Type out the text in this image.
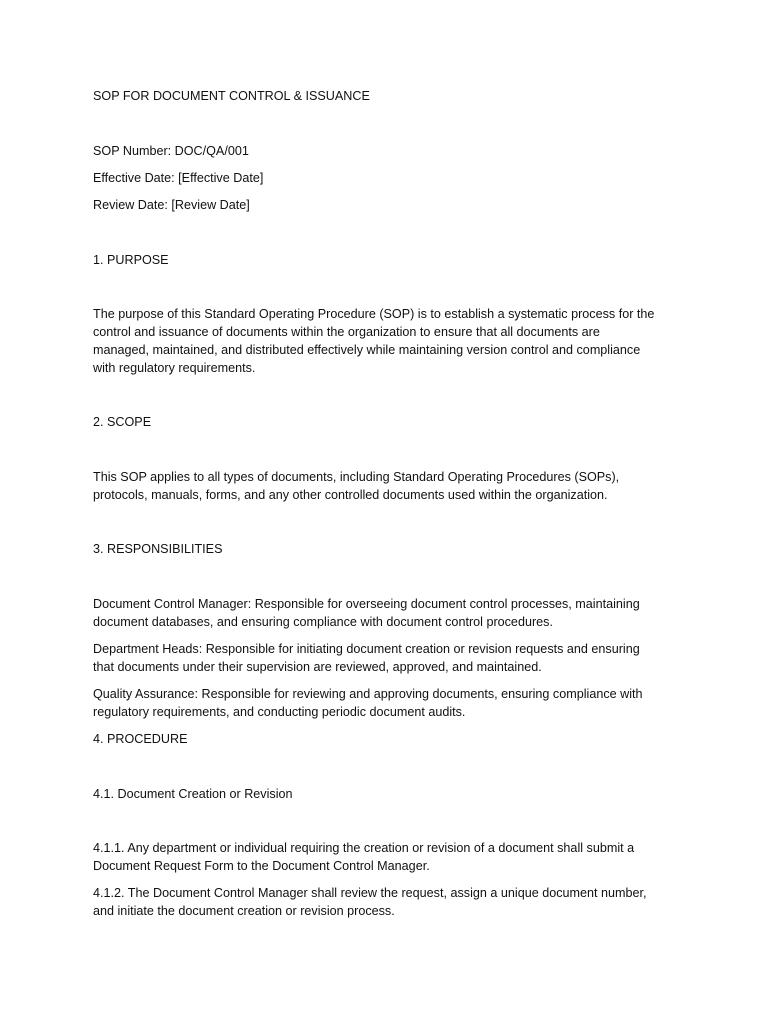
SOP FOR DOCUMENT CONTROL & ISSUANCE

SOP Number: DOC/QA/001

Effective Date: [Effective Date]

Review Date: [Review Date]

1. PURPOSE

The purpose of this Standard Operating Procedure (SOP) is to establish a systematic process for the

control and issuance of documents within the organization to ensure that all documents are

managed, maintained, and distributed effectively while maintaining version control and compliance

with regulatory requirements.

2. SCOPE

This SOP applies to all types of documents, including Standard Operating Procedures (SOPs),

protocols, manuals, forms, and any other controlled documents used within the organization.

3. RESPONSIBILITIES

Document Control Manager: Responsible for overseeing document control processes, maintaining

document databases, and ensuring compliance with document control procedures.

Department Heads: Responsible for initiating document creation or revision requests and ensuring

that documents under their supervision are reviewed, approved, and maintained.

Quality Assurance: Responsible for reviewing and approving documents, ensuring compliance with

regulatory requirements, and conducting periodic document audits.

4. PROCEDURE

4.1. Document Creation or Revision

4.1.1. Any department or individual requiring the creation or revision of a document shall submit a

Document Request Form to the Document Control Manager.

4.1.2. The Document Control Manager shall review the request, assign a unique document number,

and initiate the document creation or revision process.
